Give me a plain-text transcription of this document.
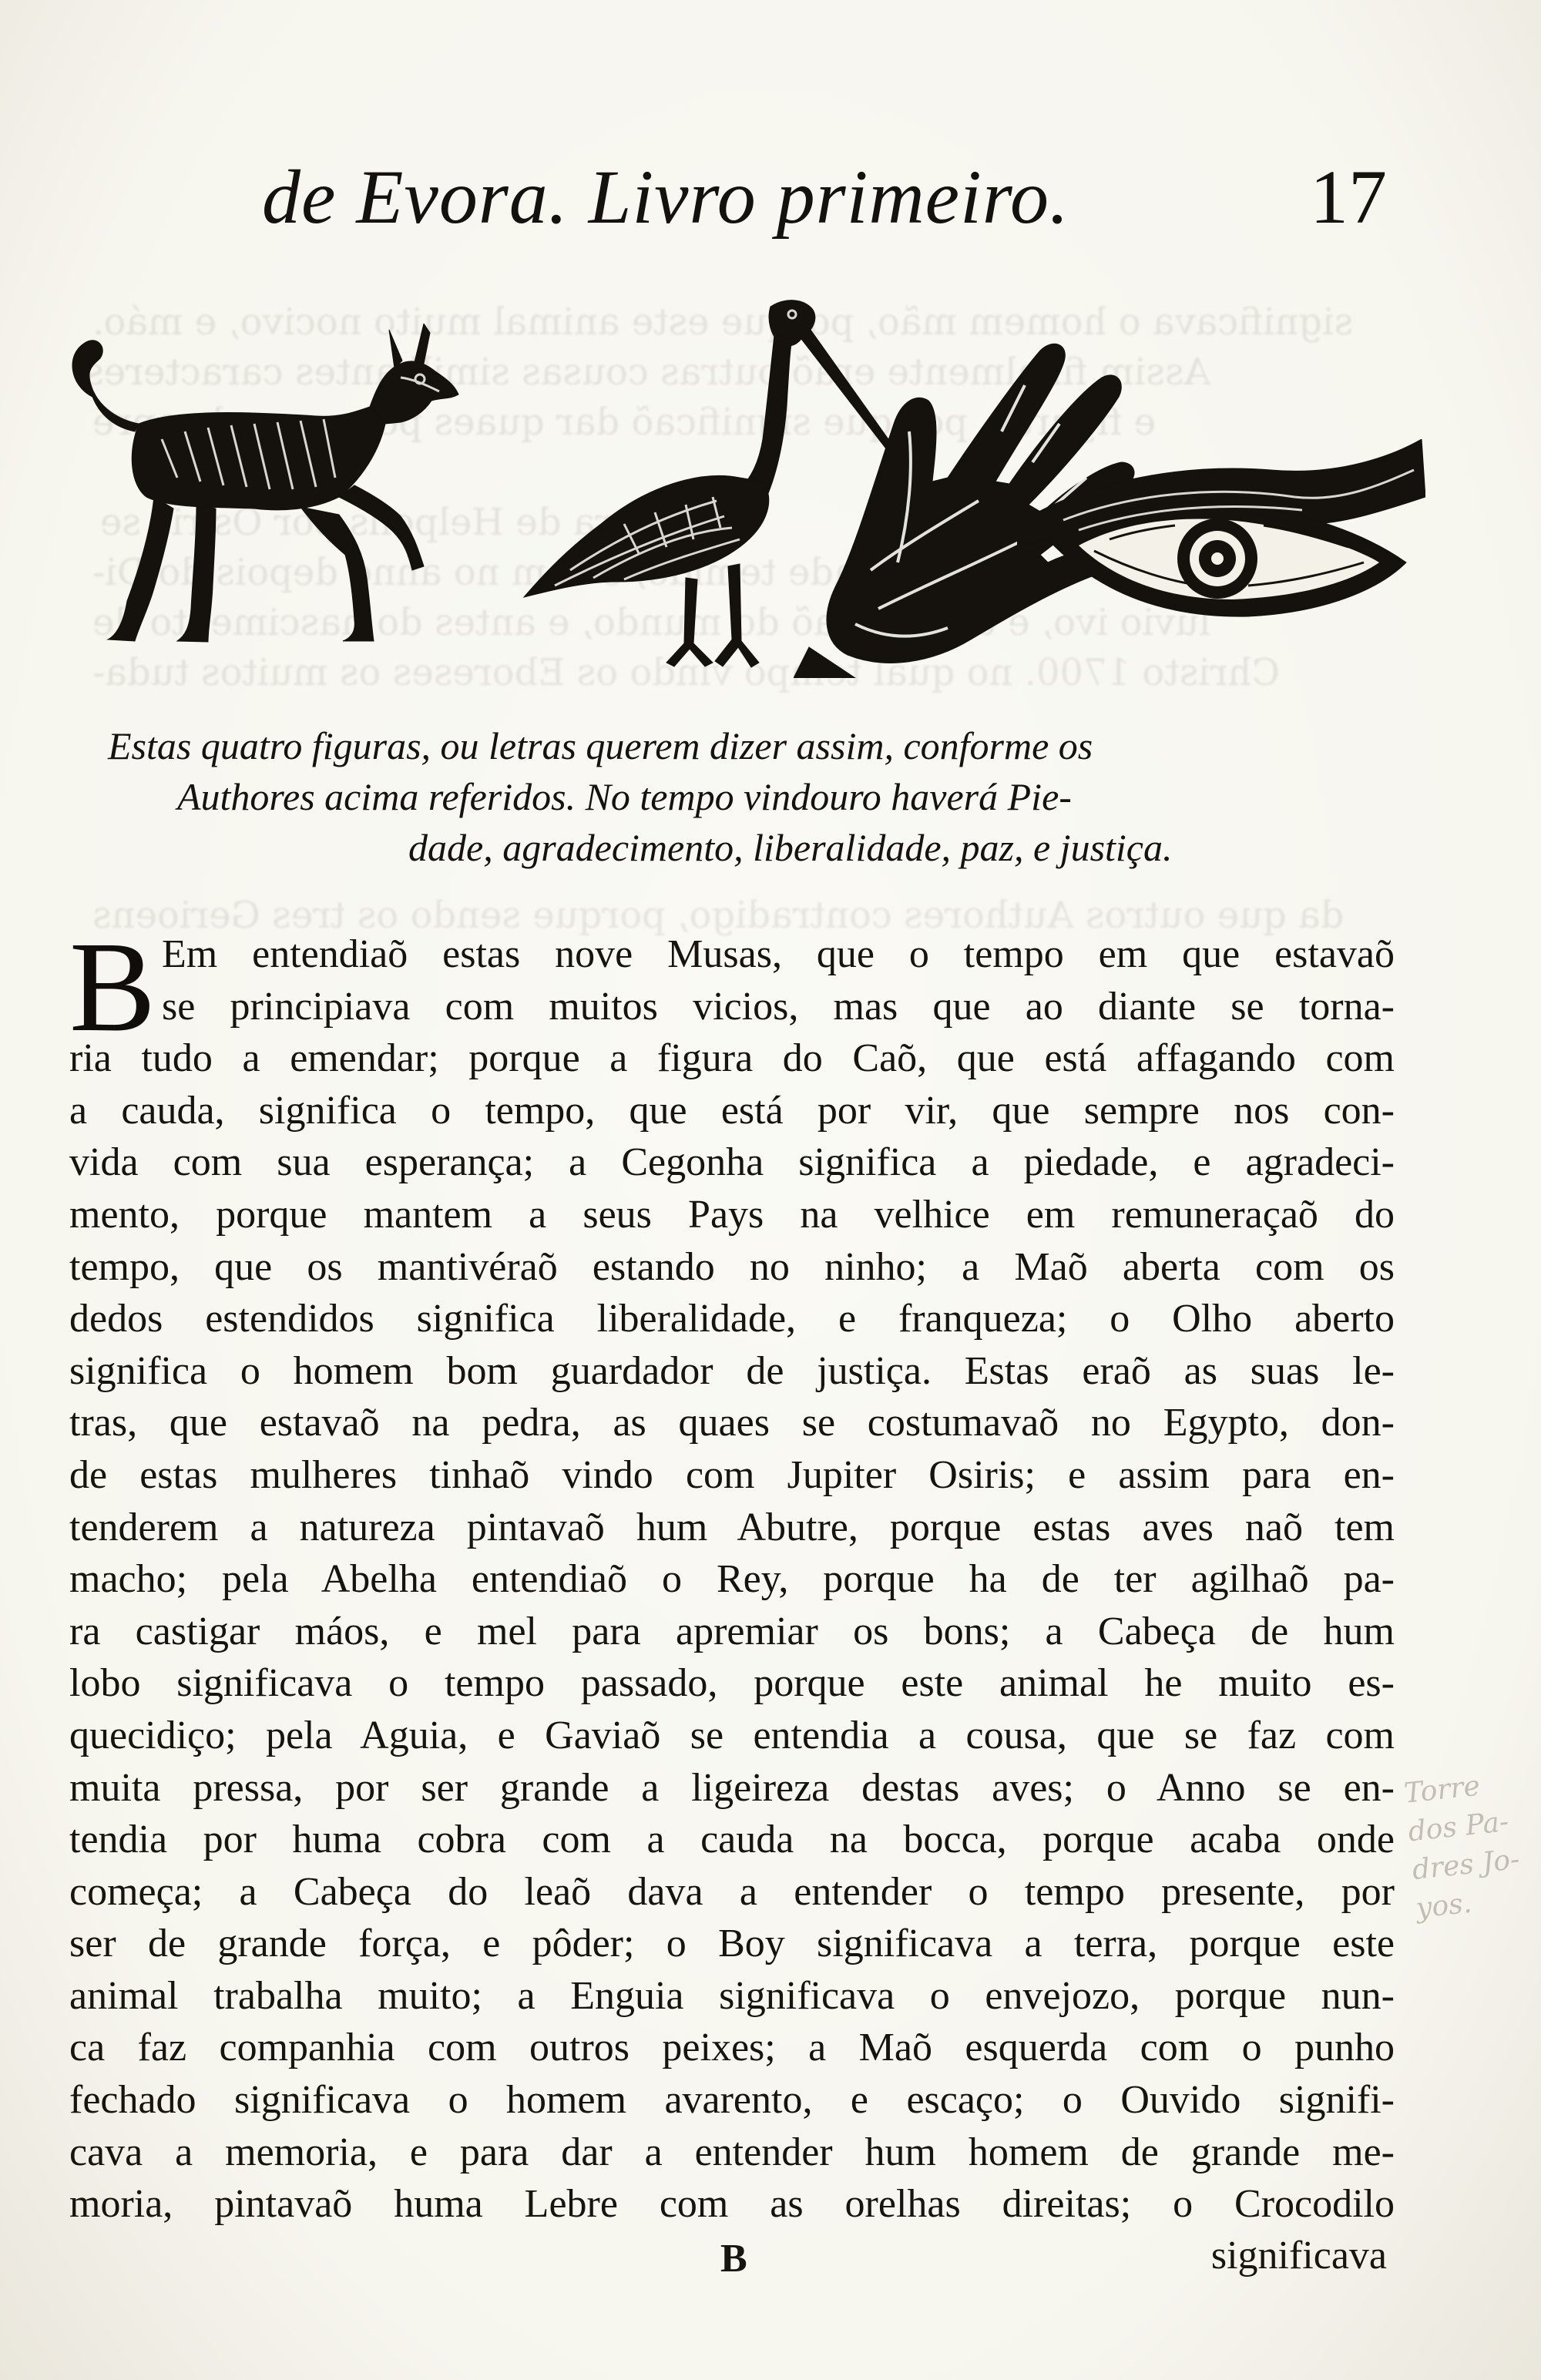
significava o homem mão, porque este animal muito nocivo, e máo.
Assim finalmente eraõ outras cousas similhantes caracteres
e figuras, por que significaõ dar quaes por exemplo apre
em honra de Helpolis por Osiris se
sua idade temido, e com no anno depois do Di-
luvio ivo, e da creaçaõ do mundo, e antes do nascimento de
Christo 1700. no qual tempo vindo os Eboreses os muitos tuda-
da que outros Authores contradigo, porque sendo os tres Gerioens
de Evora. Livro primeiro.	17
Estas quatro figuras, ou letras querem dizer assim, conforme os
Authores acima referidos. No tempo vindouro haverá Pie-
dade, agradecimento, liberalidade, paz, e justiça.
B Em entendiaõ estas nove Musas, que o tempo em que estavaõ
se principiava com muitos vicios, mas que ao diante se torna-
ria tudo a emendar; porque a figura do Caõ, que está affagando com
a cauda, significa o tempo, que está por vir, que sempre nos con-
vida com sua esperança; a Cegonha significa a piedade, e agradeci-
mento, porque mantem a seus Pays na velhice em remuneraçaõ do
tempo, que os mantivéraõ estando no ninho; a Maõ aberta com os
dedos estendidos significa liberalidade, e franqueza; o Olho aberto
significa o homem bom guardador de justiça. Estas eraõ as suas le-
tras, que estavaõ na pedra, as quaes se costumavaõ no Egypto, don-
de estas mulheres tinhaõ vindo com Jupiter Osiris; e assim para en-
tenderem a natureza pintavaõ hum Abutre, porque estas aves naõ tem
macho; pela Abelha entendiaõ o Rey, porque ha de ter agilhaõ pa-
ra castigar máos, e mel para apremiar os bons; a Cabeça de hum
lobo significava o tempo passado, porque este animal he muito es-
quecidiço; pela Aguia, e Gaviaõ se entendia a cousa, que se faz com
muita pressa, por ser grande a ligeireza destas aves; o Anno se en-
tendia por huma cobra com a cauda na bocca, porque acaba onde
começa; a Cabeça do leaõ dava a entender o tempo presente, por
ser de grande força, e pôder; o Boy significava a terra, porque este
animal trabalha muito; a Enguia significava o envejozo, porque nun-
ca faz companhia com outros peixes; a Maõ esquerda com o punho
fechado significava o homem avarento, e escaço; o Ouvido signifi-
cava a memoria, e para dar a entender hum homem de grande me-
moria, pintavaõ huma Lebre com as orelhas direitas; o Crocodilo
B	significava
Torre dos Pa- dres Jo- yos.
